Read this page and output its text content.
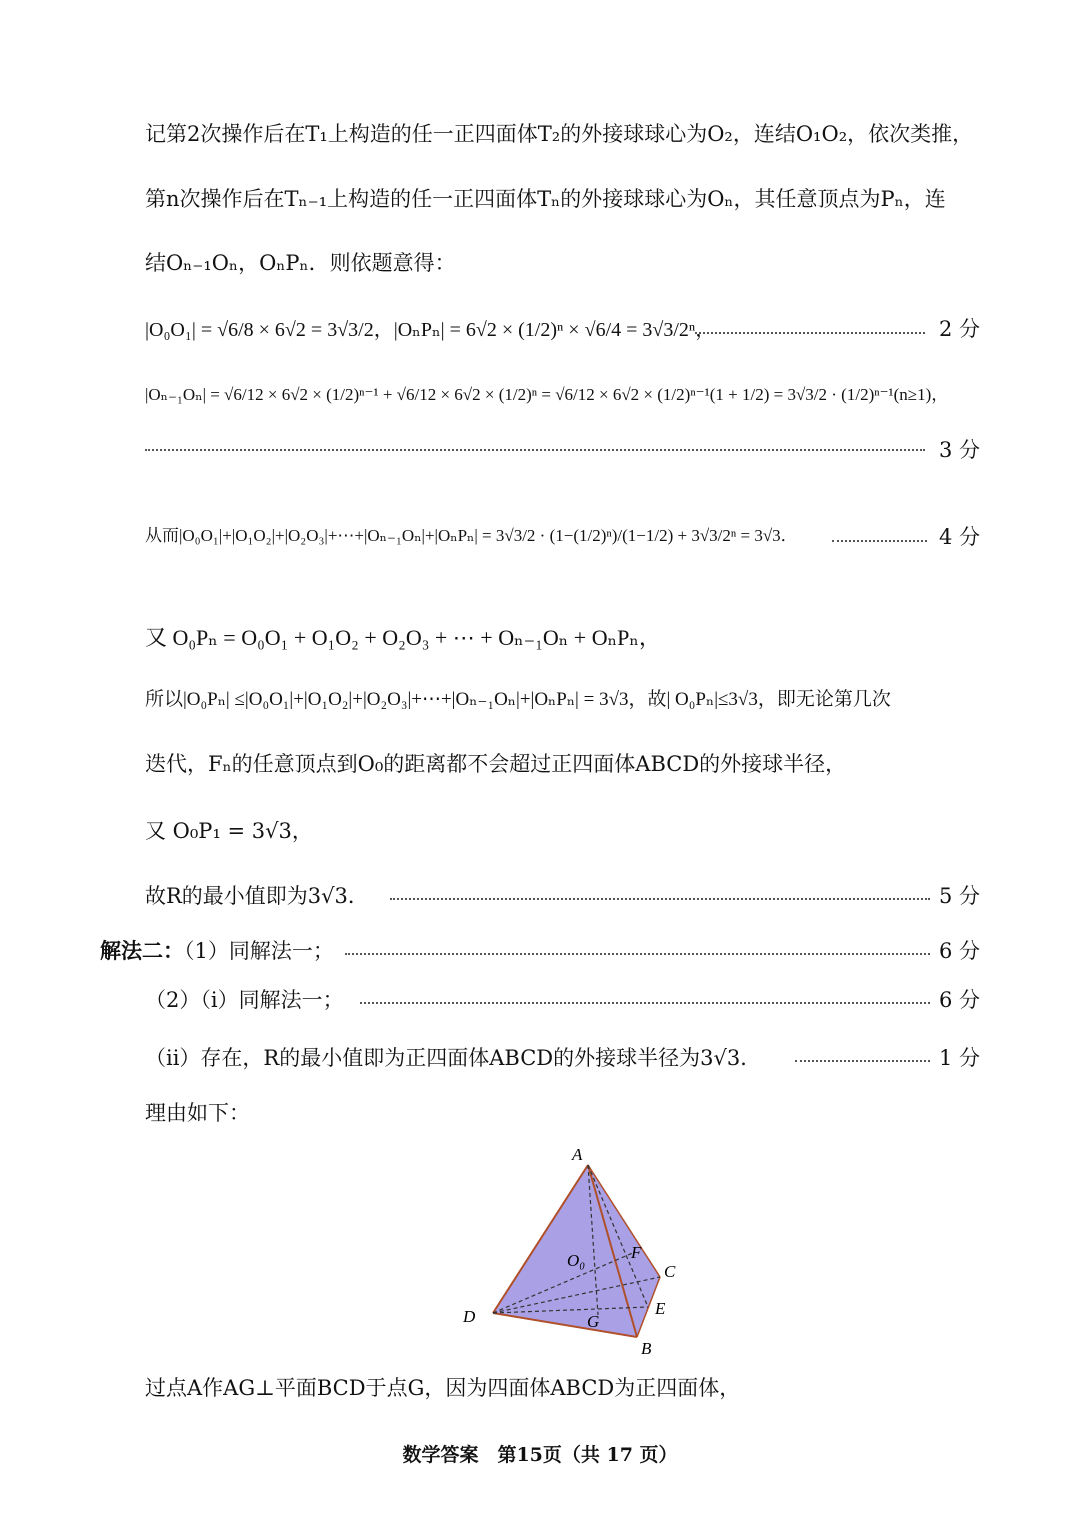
记第2次操作后在T₁上构造的任一正四面体T₂的外接球球心为O₂，连结O₁O₂，依次类推，
第n次操作后在Tₙ₋₁上构造的任一正四面体Tₙ的外接球球心为Oₙ，其任意顶点为Pₙ，连
结Oₙ₋₁Oₙ，OₙPₙ．则依题意得：
|O₀O₁| = √6/8 × 6√2 = 3√3/2，|OₙPₙ| = 6√2 × (1/2)ⁿ × √6/4 = 3√3/2ⁿ，	2 分
|Oₙ₋₁Oₙ| = √6/12 × 6√2 × (1/2)ⁿ⁻¹ + √6/12 × 6√2 × (1/2)ⁿ = √6/12 × 6√2 × (1/2)ⁿ⁻¹(1 + 1/2) = 3√3/2 · (1/2)ⁿ⁻¹(n≥1)，
3 分
从而|O₀O₁|+|O₁O₂|+|O₂O₃|+⋯+|Oₙ₋₁Oₙ|+|OₙPₙ| = 3√3/2 · (1−(1/2)ⁿ)/(1−1/2) + 3√3/2ⁿ = 3√3．	4 分
又 O₀Pₙ = O₀O₁ + O₁O₂ + O₂O₃ + ⋯ + Oₙ₋₁Oₙ + OₙPₙ，
所以|O₀Pₙ| ≤|O₀O₁|+|O₁O₂|+|O₂O₃|+⋯+|Oₙ₋₁Oₙ|+|OₙPₙ| = 3√3，故| O₀Pₙ|≤3√3，即无论第几次
迭代，Fₙ的任意顶点到O₀的距离都不会超过正四面体ABCD的外接球半径，
又 O₀P₁ = 3√3，
故R的最小值即为3√3．	5 分
解法二：（1）同解法一；	6 分
（2）（i）同解法一；	6 分
（ii）存在，R的最小值即为正四面体ABCD的外接球半径为3√3．	1 分
理由如下：
A
B
C
D	E
F
G
O₀
过点A作AG⊥平面BCD于点G，因为四面体ABCD为正四面体，
数学答案　第15页（共 17 页）
